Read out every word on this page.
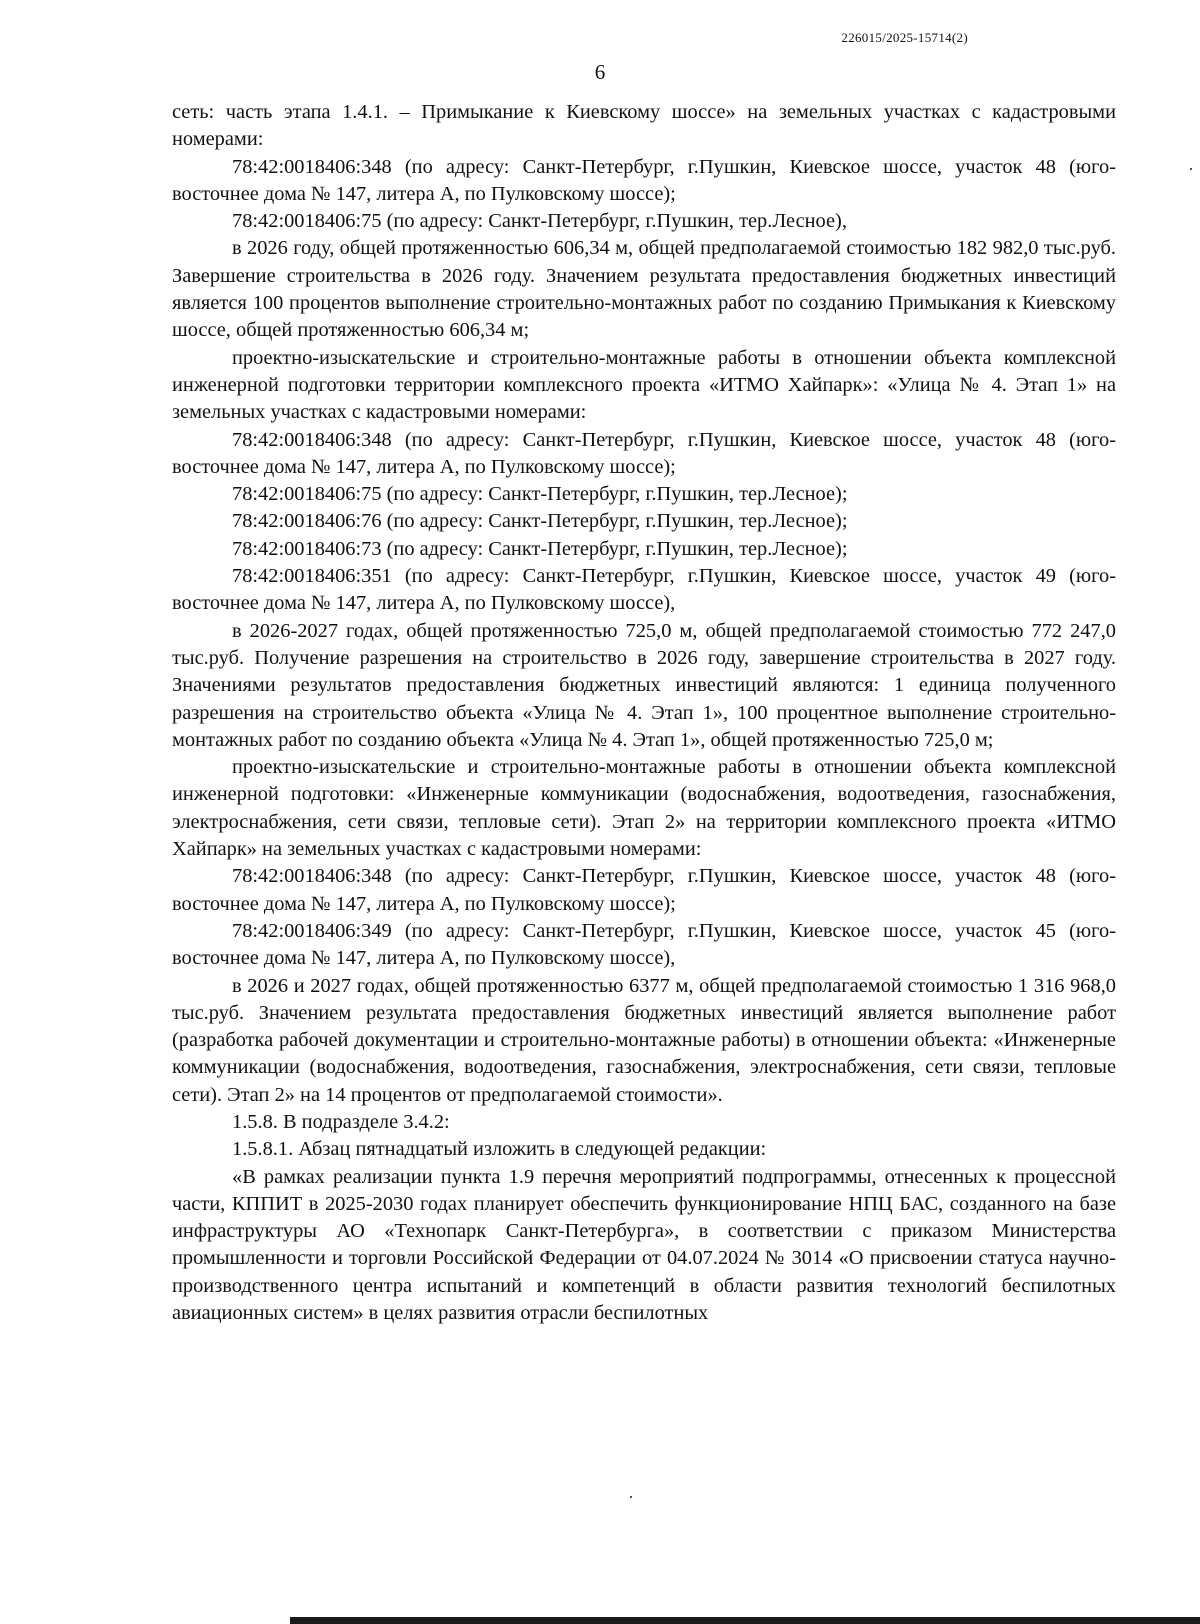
226015/2025-15714(2)
6

сеть: часть этапа 1.4.1. – Примыкание к Киевскому шоссе» на земельных участках с кадастровыми номерами:

78:42:0018406:348 (по адресу: Санкт-Петербург, г.Пушкин, Киевское шоссе, участок 48 (юго-восточнее дома № 147, литера А, по Пулковскому шоссе);

78:42:0018406:75 (по адресу: Санкт-Петербург, г.Пушкин, тер.Лесное),

в 2026 году, общей протяженностью 606,34 м, общей предполагаемой стоимостью 182 982,0 тыс.руб. Завершение строительства в 2026 году. Значением результата предоставления бюджетных инвестиций является 100 процентов выполнение строительно-монтажных работ по созданию Примыкания к Киевскому шоссе, общей протяженностью 606,34 м;

проектно-изыскательские и строительно-монтажные работы в отношении объекта комплексной инженерной подготовки территории комплексного проекта «ИТМО Хайпарк»: «Улица № 4. Этап 1» на земельных участках с кадастровыми номерами:

78:42:0018406:348 (по адресу: Санкт-Петербург, г.Пушкин, Киевское шоссе, участок 48 (юго-восточнее дома № 147, литера А, по Пулковскому шоссе);

78:42:0018406:75 (по адресу: Санкт-Петербург, г.Пушкин, тер.Лесное);

78:42:0018406:76 (по адресу: Санкт-Петербург, г.Пушкин, тер.Лесное);

78:42:0018406:73 (по адресу: Санкт-Петербург, г.Пушкин, тер.Лесное);

78:42:0018406:351 (по адресу: Санкт-Петербург, г.Пушкин, Киевское шоссе, участок 49 (юго-восточнее дома № 147, литера А, по Пулковскому шоссе),

в 2026-2027 годах, общей протяженностью 725,0 м, общей предполагаемой стоимостью 772 247,0 тыс.руб. Получение разрешения на строительство в 2026 году, завершение строительства в 2027 году. Значениями результатов предоставления бюджетных инвестиций являются: 1 единица полученного разрешения на строительство объекта «Улица № 4. Этап 1», 100 процентное выполнение строительно-монтажных работ по созданию объекта «Улица № 4. Этап 1», общей протяженностью 725,0 м;

проектно-изыскательские и строительно-монтажные работы в отношении объекта комплексной инженерной подготовки: «Инженерные коммуникации (водоснабжения, водоотведения, газоснабжения, электроснабжения, сети связи, тепловые сети). Этап 2» на территории комплексного проекта «ИТМО Хайпарк» на земельных участках с кадастровыми номерами:

78:42:0018406:348 (по адресу: Санкт-Петербург, г.Пушкин, Киевское шоссе, участок 48 (юго-восточнее дома № 147, литера А, по Пулковскому шоссе);

78:42:0018406:349 (по адресу: Санкт-Петербург, г.Пушкин, Киевское шоссе, участок 45 (юго-восточнее дома № 147, литера А, по Пулковскому шоссе),

в 2026 и 2027 годах, общей протяженностью 6377 м, общей предполагаемой стоимостью 1 316 968,0 тыс.руб. Значением результата предоставления бюджетных инвестиций является выполнение работ (разработка рабочей документации и строительно-монтажные работы) в отношении объекта: «Инженерные коммуникации (водоснабжения, водоотведения, газоснабжения, электроснабжения, сети связи, тепловые сети). Этап 2» на 14 процентов от предполагаемой стоимости».

1.5.8. В подразделе 3.4.2:

1.5.8.1. Абзац пятнадцатый изложить в следующей редакции:

«В рамках реализации пункта 1.9 перечня мероприятий подпрограммы, отнесенных к процессной части, КППИТ в 2025-2030 годах планирует обеспечить функционирование НПЦ БАС, созданного на базе инфраструктуры АО «Технопарк Санкт-Петербурга», в соответствии с приказом Министерства промышленности и торговли Российской Федерации от 04.07.2024 № 3014 «О присвоении статуса научно-производственного центра испытаний и компетенций в области развития технологий беспилотных авиационных систем» в целях развития отрасли беспилотных
